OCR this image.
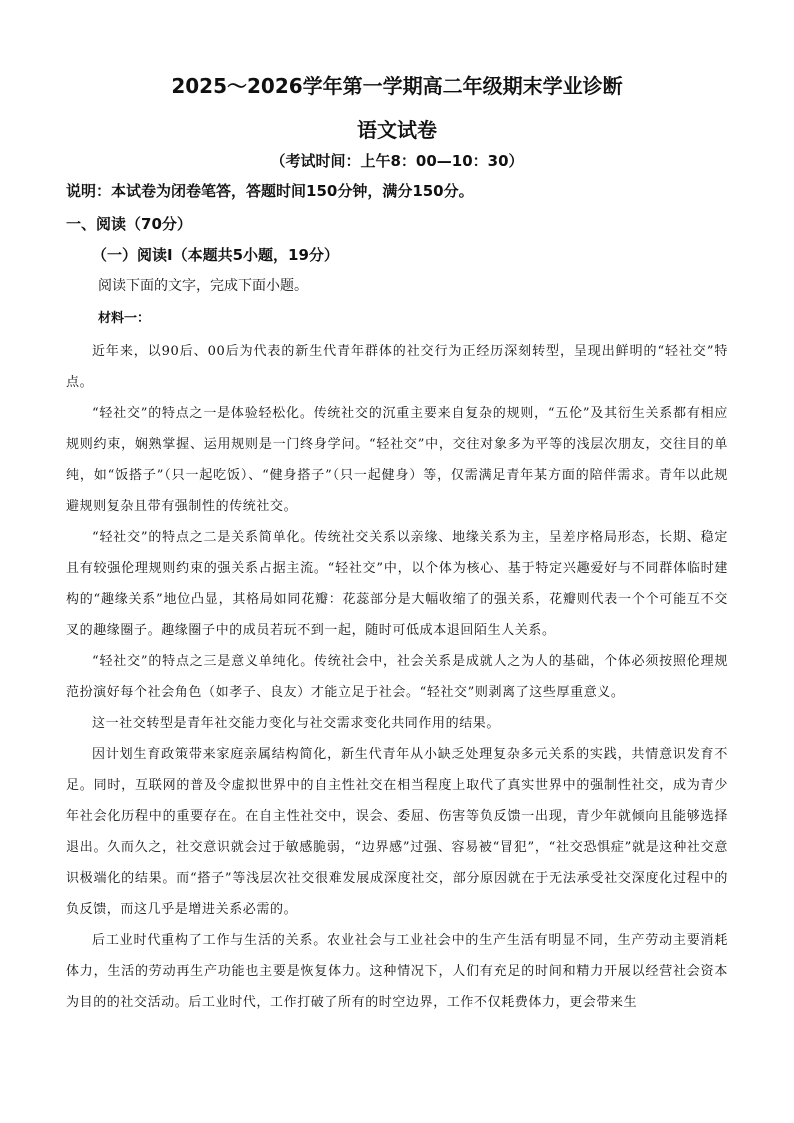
2025～2026学年第一学期高二年级期末学业诊断
语文试卷
（考试时间：上午8：00—10：30）
说明：本试卷为闭卷笔答，答题时间150分钟，满分150分。
一、阅读（70分）
（一）阅读Ⅰ（本题共5小题，19分）
阅读下面的文字，完成下面小题。
材料一：

近年来，以90后、00后为代表的新生代青年群体的社交行为正经历深刻转型，呈现出鲜明的“轻社交”特点。

“轻社交”的特点之一是体验轻松化。传统社交的沉重主要来自复杂的规则，“五伦”及其衍生关系都有相应规则约束，娴熟掌握、运用规则是一门终身学问。“轻社交”中，交往对象多为平等的浅层次朋友，交往目的单纯，如“饭搭子”（只一起吃饭）、“健身搭子”（只一起健身）等，仅需满足青年某方面的陪伴需求。青年以此规避规则复杂且带有强制性的传统社交。

“轻社交”的特点之二是关系简单化。传统社交关系以亲缘、地缘关系为主，呈差序格局形态，长期、稳定且有较强伦理规则约束的强关系占据主流。“轻社交”中，以个体为核心、基于特定兴趣爱好与不同群体临时建构的“趣缘关系”地位凸显，其格局如同花瓣：花蕊部分是大幅收缩了的强关系，花瓣则代表一个个可能互不交叉的趣缘圈子。趣缘圈子中的成员若玩不到一起，随时可低成本退回陌生人关系。

“轻社交”的特点之三是意义单纯化。传统社会中，社会关系是成就人之为人的基础，个体必须按照伦理规范扮演好每个社会角色（如孝子、良友）才能立足于社会。“轻社交”则剥离了这些厚重意义。

这一社交转型是青年社交能力变化与社交需求变化共同作用的结果。

因计划生育政策带来家庭亲属结构简化，新生代青年从小缺乏处理复杂多元关系的实践，共情意识发育不足。同时，互联网的普及令虚拟世界中的自主性社交在相当程度上取代了真实世界中的强制性社交，成为青少年社会化历程中的重要存在。在自主性社交中，误会、委屈、伤害等负反馈一出现，青少年就倾向且能够选择退出。久而久之，社交意识就会过于敏感脆弱，“边界感”过强、容易被“冒犯”，“社交恐惧症”就是这种社交意识极端化的结果。而“搭子”等浅层次社交很难发展成深度社交，部分原因就在于无法承受社交深度化过程中的负反馈，而这几乎是增进关系必需的。

后工业时代重构了工作与生活的关系。农业社会与工业社会中的生产生活有明显不同，生产劳动主要消耗体力，生活的劳动再生产功能也主要是恢复体力。这种情况下，人们有充足的时间和精力开展以经营社会资本为目的的社交活动。后工业时代，工作打破了所有的时空边界，工作不仅耗费体力，更会带来生
